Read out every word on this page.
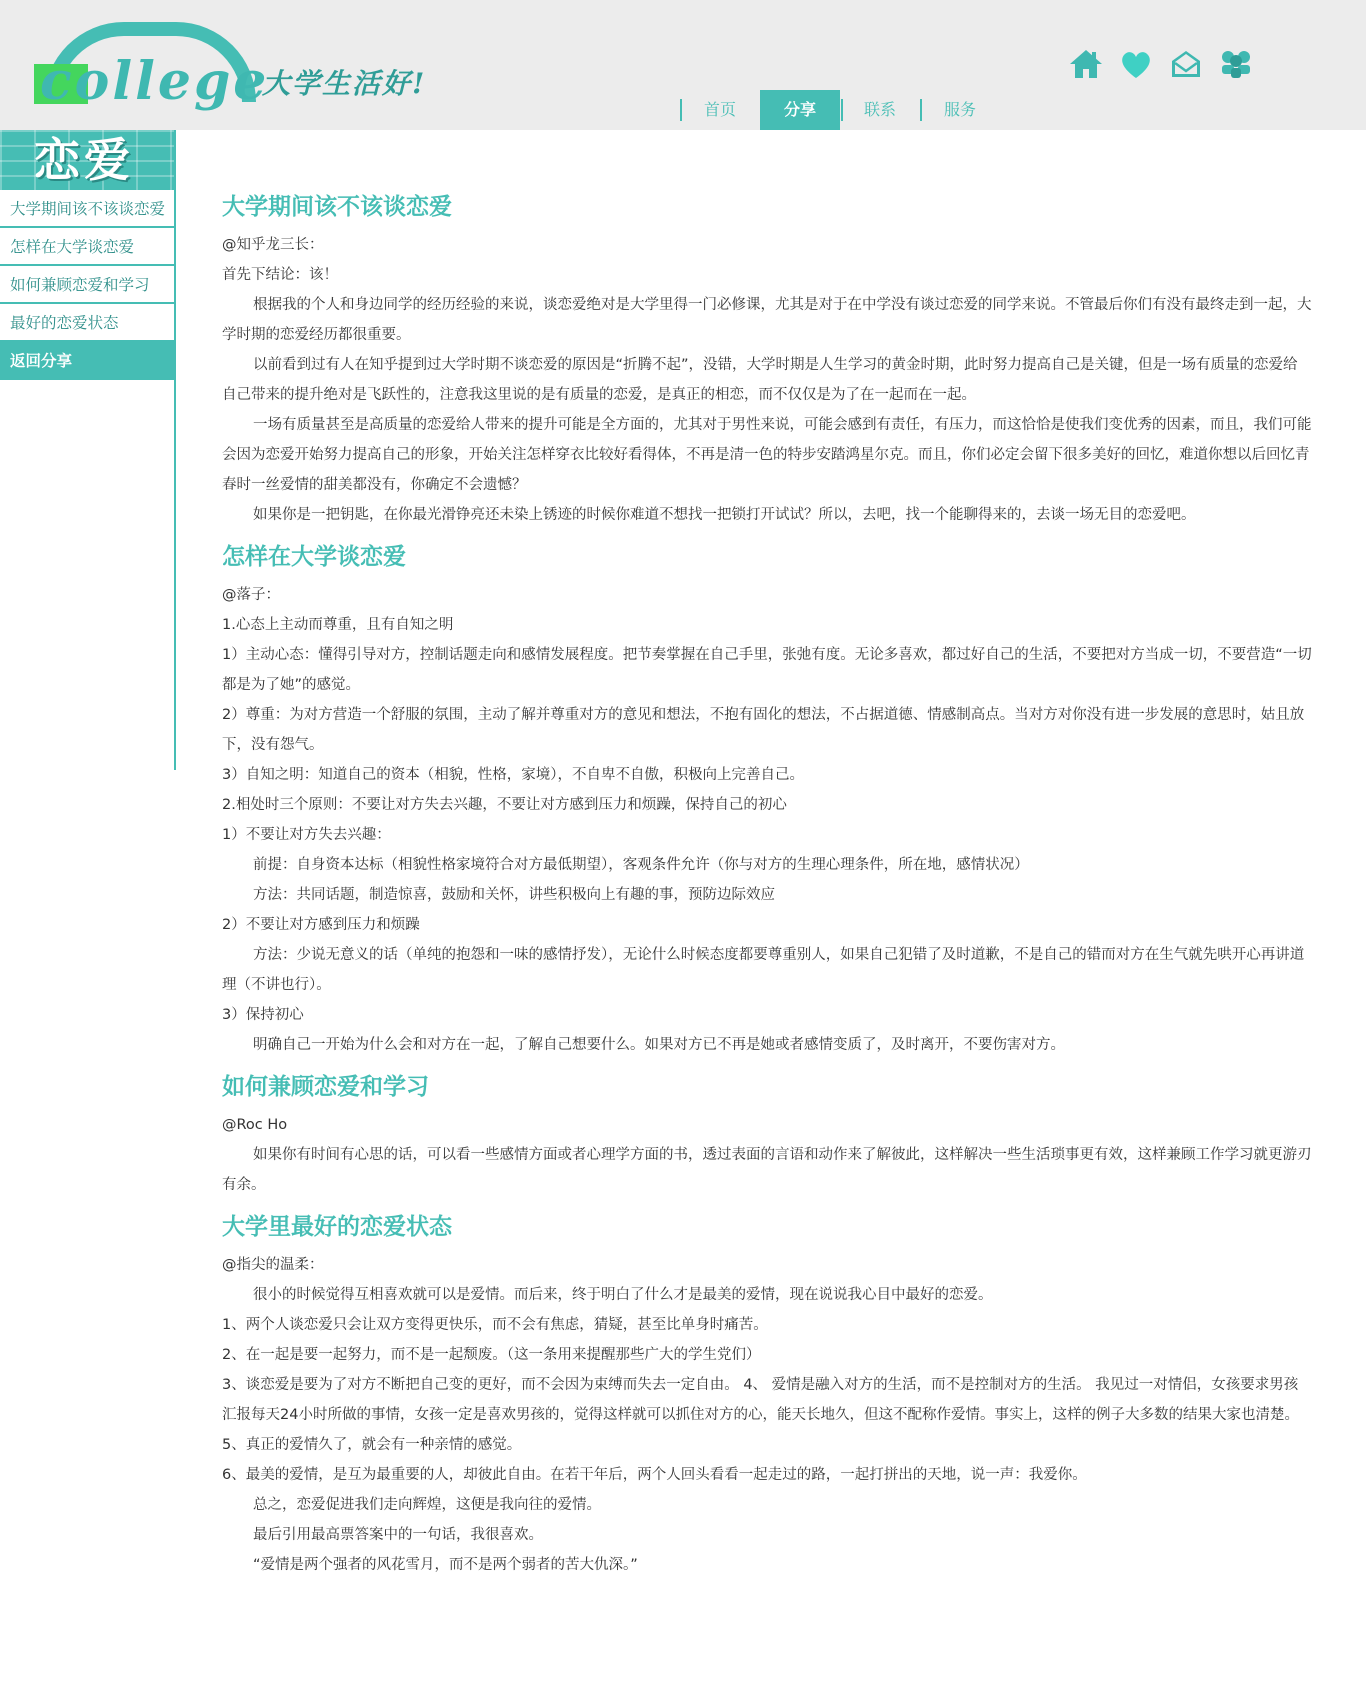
college
大学生活好!
首页	分享	联系	服务
恋爱
大学期间该不该谈恋爱
怎样在大学谈恋爱
如何兼顾恋爱和学习
最好的恋爱状态
返回分享
大学期间该不该谈恋爱

@知乎龙三长：

首先下结论：该！

根据我的个人和身边同学的经历经验的来说，谈恋爱绝对是大学里得一门必修课，尤其是对于在中学没有谈过恋爱的同学来说。不管最后你们有没有最终走到一起，大学时期的恋爱经历都很重要。

以前看到过有人在知乎提到过大学时期不谈恋爱的原因是“折腾不起”，没错，大学时期是人生学习的黄金时期，此时努力提高自己是关键，但是一场有质量的恋爱给自己带来的提升绝对是飞跃性的，注意我这里说的是有质量的恋爱，是真正的相恋，而不仅仅是为了在一起而在一起。

一场有质量甚至是高质量的恋爱给人带来的提升可能是全方面的，尤其对于男性来说，可能会感到有责任，有压力，而这恰恰是使我们变优秀的因素，而且，我们可能会因为恋爱开始努力提高自己的形象，开始关注怎样穿衣比较好看得体，不再是清一色的特步安踏鸿星尔克。而且，你们必定会留下很多美好的回忆，难道你想以后回忆青春时一丝爱情的甜美都没有，你确定不会遗憾？

如果你是一把钥匙，在你最光滑铮亮还未染上锈迹的时候你难道不想找一把锁打开试试？所以，去吧，找一个能聊得来的，去谈一场无目的恋爱吧。

怎样在大学谈恋爱

@落子：

1.心态上主动而尊重，且有自知之明

1）主动心态：懂得引导对方，控制话题走向和感情发展程度。把节奏掌握在自己手里，张弛有度。无论多喜欢，都过好自己的生活，不要把对方当成一切，不要营造“一切都是为了她”的感觉。

2）尊重：为对方营造一个舒服的氛围，主动了解并尊重对方的意见和想法，不抱有固化的想法，不占据道德、情感制高点。当对方对你没有进一步发展的意思时，姑且放下，没有怨气。

3）自知之明：知道自己的资本（相貌，性格，家境），不自卑不自傲，积极向上完善自己。

2.相处时三个原则：不要让对方失去兴趣，不要让对方感到压力和烦躁，保持自己的初心

1）不要让对方失去兴趣：

前提：自身资本达标（相貌性格家境符合对方最低期望），客观条件允许（你与对方的生理心理条件，所在地，感情状况）

方法：共同话题，制造惊喜，鼓励和关怀，讲些积极向上有趣的事，预防边际效应

2）不要让对方感到压力和烦躁

方法：少说无意义的话（单纯的抱怨和一味的感情抒发），无论什么时候态度都要尊重别人，如果自己犯错了及时道歉，不是自己的错而对方在生气就先哄开心再讲道理（不讲也行）。

3）保持初心

明确自己一开始为什么会和对方在一起，了解自己想要什么。如果对方已不再是她或者感情变质了，及时离开，不要伤害对方。

如何兼顾恋爱和学习

@Roc Ho

如果你有时间有心思的话，可以看一些感情方面或者心理学方面的书，透过表面的言语和动作来了解彼此，这样解决一些生活琐事更有效，这样兼顾工作学习就更游刃有余。

大学里最好的恋爱状态

@指尖的温柔：

很小的时候觉得互相喜欢就可以是爱情。而后来，终于明白了什么才是最美的爱情，现在说说我心目中最好的恋爱。

1、两个人谈恋爱只会让双方变得更快乐，而不会有焦虑，猜疑，甚至比单身时痛苦。

2、在一起是要一起努力，而不是一起颓废。（这一条用来提醒那些广大的学生党们）

3、谈恋爱是要为了对方不断把自己变的更好，而不会因为束缚而失去一定自由。 4、 爱情是融入对方的生活，而不是控制对方的生活。 我见过一对情侣，女孩要求男孩汇报每天24小时所做的事情，女孩一定是喜欢男孩的，觉得这样就可以抓住对方的心，能天长地久，但这不配称作爱情。事实上，这样的例子大多数的结果大家也清楚。

5、真正的爱情久了，就会有一种亲情的感觉。

6、最美的爱情，是互为最重要的人，却彼此自由。在若干年后，两个人回头看看一起走过的路，一起打拼出的天地，说一声：我爱你。

总之，恋爱促进我们走向辉煌，这便是我向往的爱情。

最后引用最高票答案中的一句话，我很喜欢。

“爱情是两个强者的风花雪月，而不是两个弱者的苦大仇深。”
